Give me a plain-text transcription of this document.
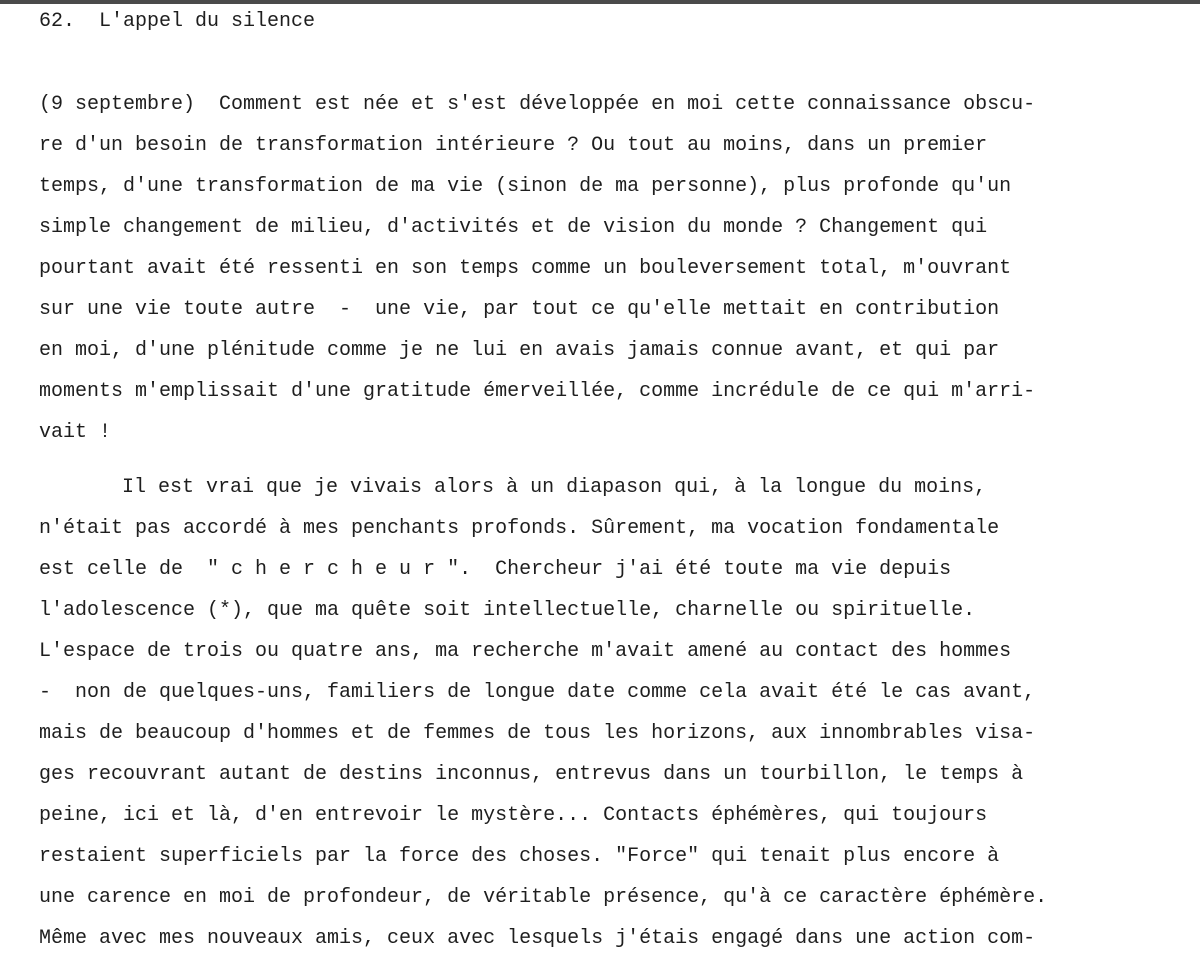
62.  L'appel du silence
(9 septembre)  Comment est née et s'est développée en moi cette connaissance obscu-
re d'un besoin de transformation intérieure ? Ou tout au moins, dans un premier
temps, d'une transformation de ma vie (sinon de ma personne), plus profonde qu'un
simple changement de milieu, d'activités et de vision du monde ? Changement qui
pourtant avait été ressenti en son temps comme un bouleversement total, m'ouvrant
sur une vie toute autre  -  une vie, par tout ce qu'elle mettait en contribution
en moi, d'une plénitude comme je ne lui en avais jamais connue avant, et qui par
moments m'emplissait d'une gratitude émerveillée, comme incrédule de ce qui m'arri-
vait !
Il est vrai que je vivais alors à un diapason qui, à la longue du moins,
n'était pas accordé à mes penchants profonds. Sûrement, ma vocation fondamentale
est celle de  " c h e r c h e u r ".  Chercheur j'ai été toute ma vie depuis
l'adolescence (*), que ma quête soit intellectuelle, charnelle ou spirituelle.
L'espace de trois ou quatre ans, ma recherche m'avait amené au contact des hommes
-  non de quelques-uns, familiers de longue date comme cela avait été le cas avant,
mais de beaucoup d'hommes et de femmes de tous les horizons, aux innombrables visa-
ges recouvrant autant de destins inconnus, entrevus dans un tourbillon, le temps à
peine, ici et là, d'en entrevoir le mystère... Contacts éphémères, qui toujours
restaient superficiels par la force des choses. "Force" qui tenait plus encore à
une carence en moi de profondeur, de véritable présence, qu'à ce caractère éphémère.
Même avec mes nouveaux amis, ceux avec lesquels j'étais engagé dans une action com-
